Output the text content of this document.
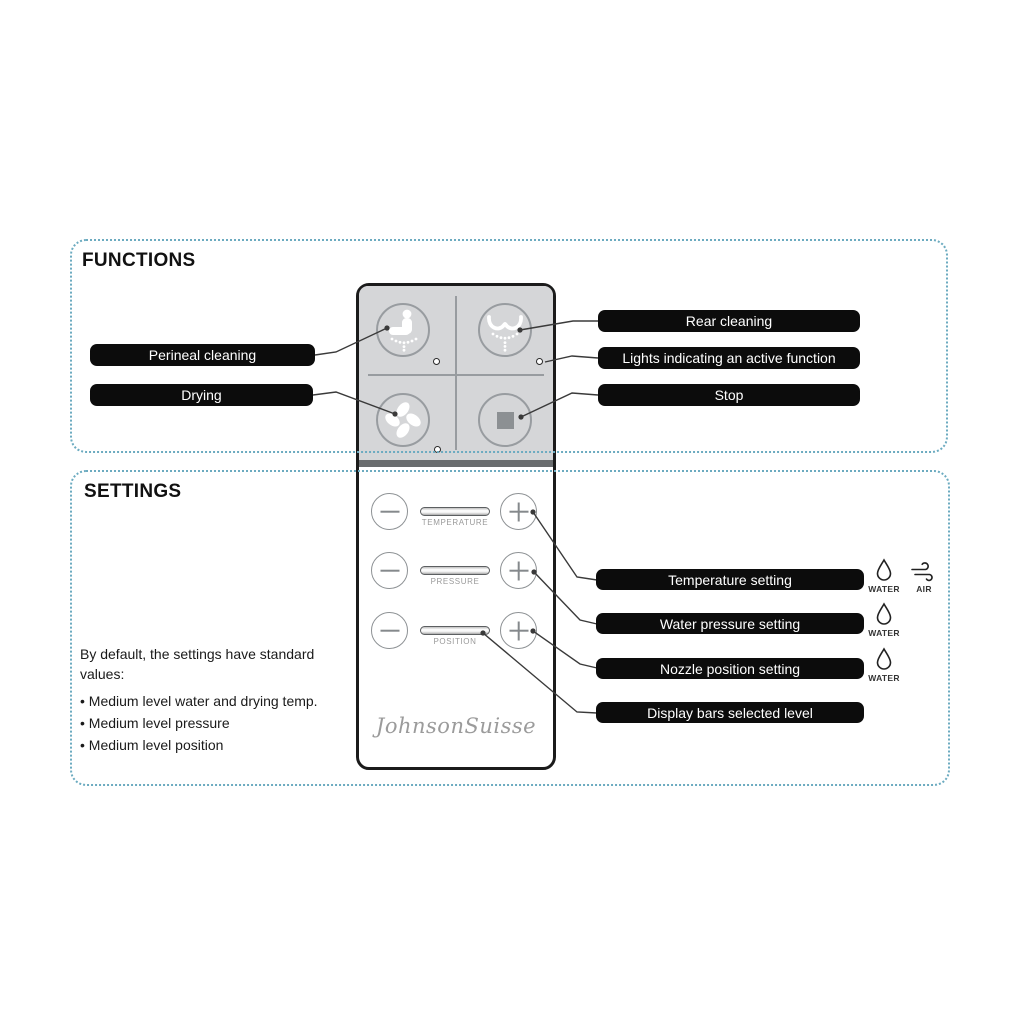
TEMPERATURE
PRESSURE
POSITION
JohnsonSuisse
FUNCTIONS
SETTINGS
Perineal cleaning
Drying
Rear cleaning
Lights indicating an active function
Stop
Temperature setting
Water pressure setting
Nozzle position setting
Display bars selected level
WATER	AIR
WATER
WATER

By default, the settings have standard values:

• Medium level water and drying temp.
• Medium level pressure
• Medium level position
